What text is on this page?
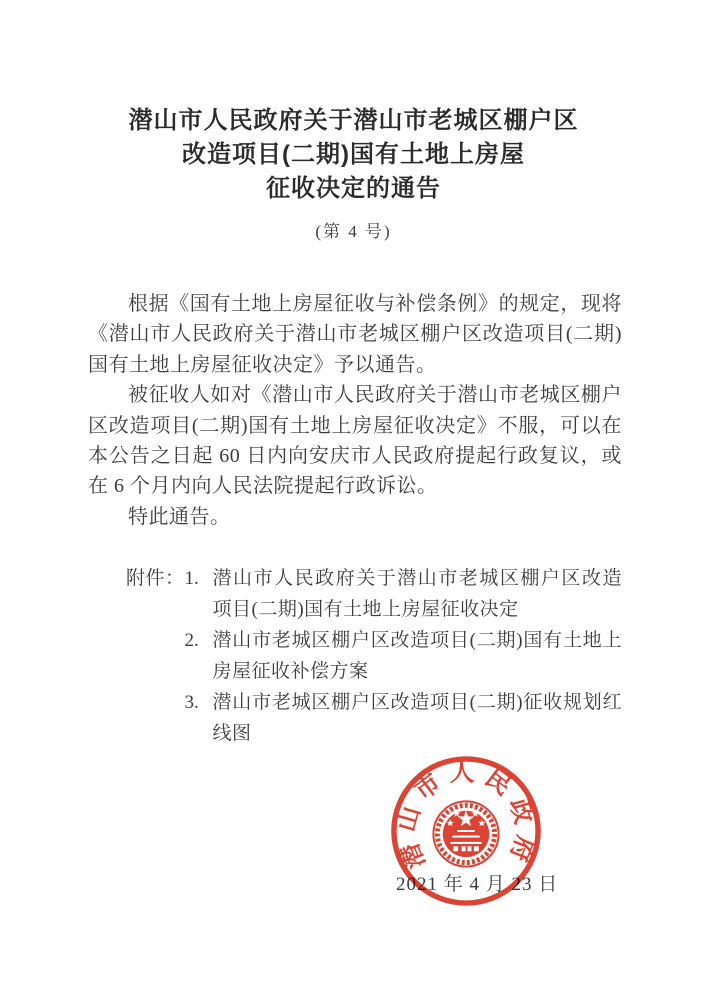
潜山市人民政府关于潜山市老城区棚户区
改造项目(二期)国有土地上房屋
征收决定的通告
(第 4 号)

根据《国有土地上房屋征收与补偿条例》的规定，现将《潜山市人民政府关于潜山市老城区棚户区改造项目(二期)国有土地上房屋征收决定》予以通告。

被征收人如对《潜山市人民政府关于潜山市老城区棚户区改造项目(二期)国有土地上房屋征收决定》不服，可以在本公告之日起 60 日内向安庆市人民政府提起行政复议，或在 6 个月内向人民法院提起行政诉讼。

特此通告。

附件： 1. 潜山市人民政府关于潜山市老城区棚户区改造项目(二期)国有土地上房屋征收决定
2. 潜山市老城区棚户区改造项目(二期)国有土地上房屋征收补偿方案
3. 潜山市老城区棚户区改造项目(二期)征收规划红线图
2021 年 4 月 23 日
潜山市人民政府
